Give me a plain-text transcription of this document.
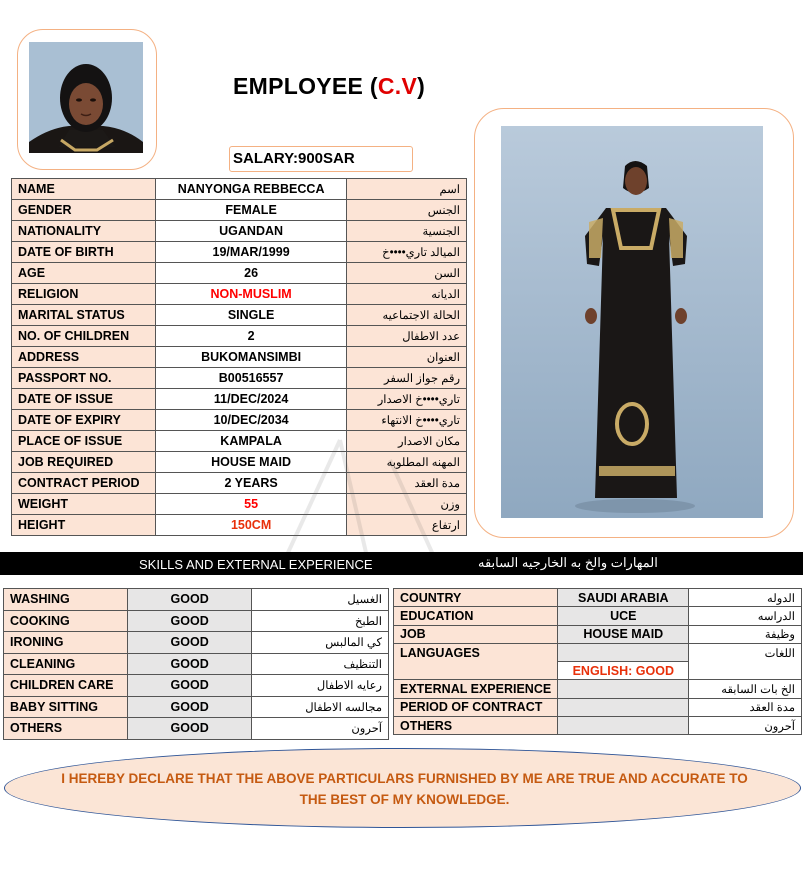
EMPLOYEE (C.V)
SALARY:900SAR
NAME	NANYONGA REBBECCA	اسم
GENDER	FEMALE	الجنس
NATIONALITY	UGANDAN	الجنسية
DATE OF BIRTH	19/MAR/1999	الميالد تاري••••خ
AGE	26	السن
RELIGION	NON-MUSLIM	الديانه
MARITAL STATUS	SINGLE	الحالة الاجتماعيه
NO. OF CHILDREN	2	عدد الاطفال
ADDRESS	BUKOMANSIMBI	العنوان
PASSPORT NO.	B00516557	رقم جواز السفر
DATE OF ISSUE	11/DEC/2024	تاري••••خ الاصدار
DATE OF EXPIRY	10/DEC/2034	تاري••••خ الانتهاء
PLACE OF ISSUE	KAMPALA	مكان الاصدار
JOB REQUIRED	HOUSE MAID	المهنه المطلوبه
CONTRACT PERIOD	2 YEARS	مدة العقد
WEIGHT	55	وزن
HEIGHT	150CM	ارتفاع
SKILLS AND EXTERNAL EXPERIENCE	المهارات والخ به الخارجيه السابقه
WASHING	GOOD	الغسيل
COOKING	GOOD	الطبخ
IRONING	GOOD	كي المالبس
CLEANING	GOOD	التنظيف
CHILDREN CARE	GOOD	رعايه الاطفال
BABY SITTING	GOOD	مجالسه الاطفال
OTHERS	GOOD	آحرون
COUNTRY	SAUDI ARABIA	الدوله
EDUCATION	UCE	الدراسه
JOB	HOUSE MAID	وظيفة
LANGUAGES		اللغات
	ENGLISH: GOOD	
EXTERNAL EXPERIENCE		الخ بات السابقه
PERIOD OF CONTRACT		مدة العقد
OTHERS		آحرون
I HEREBY DECLARE THAT THE ABOVE PARTICULARS FURNISHED BY ME ARE TRUE AND ACCURATE TO THE BEST OF MY KNOWLEDGE.
